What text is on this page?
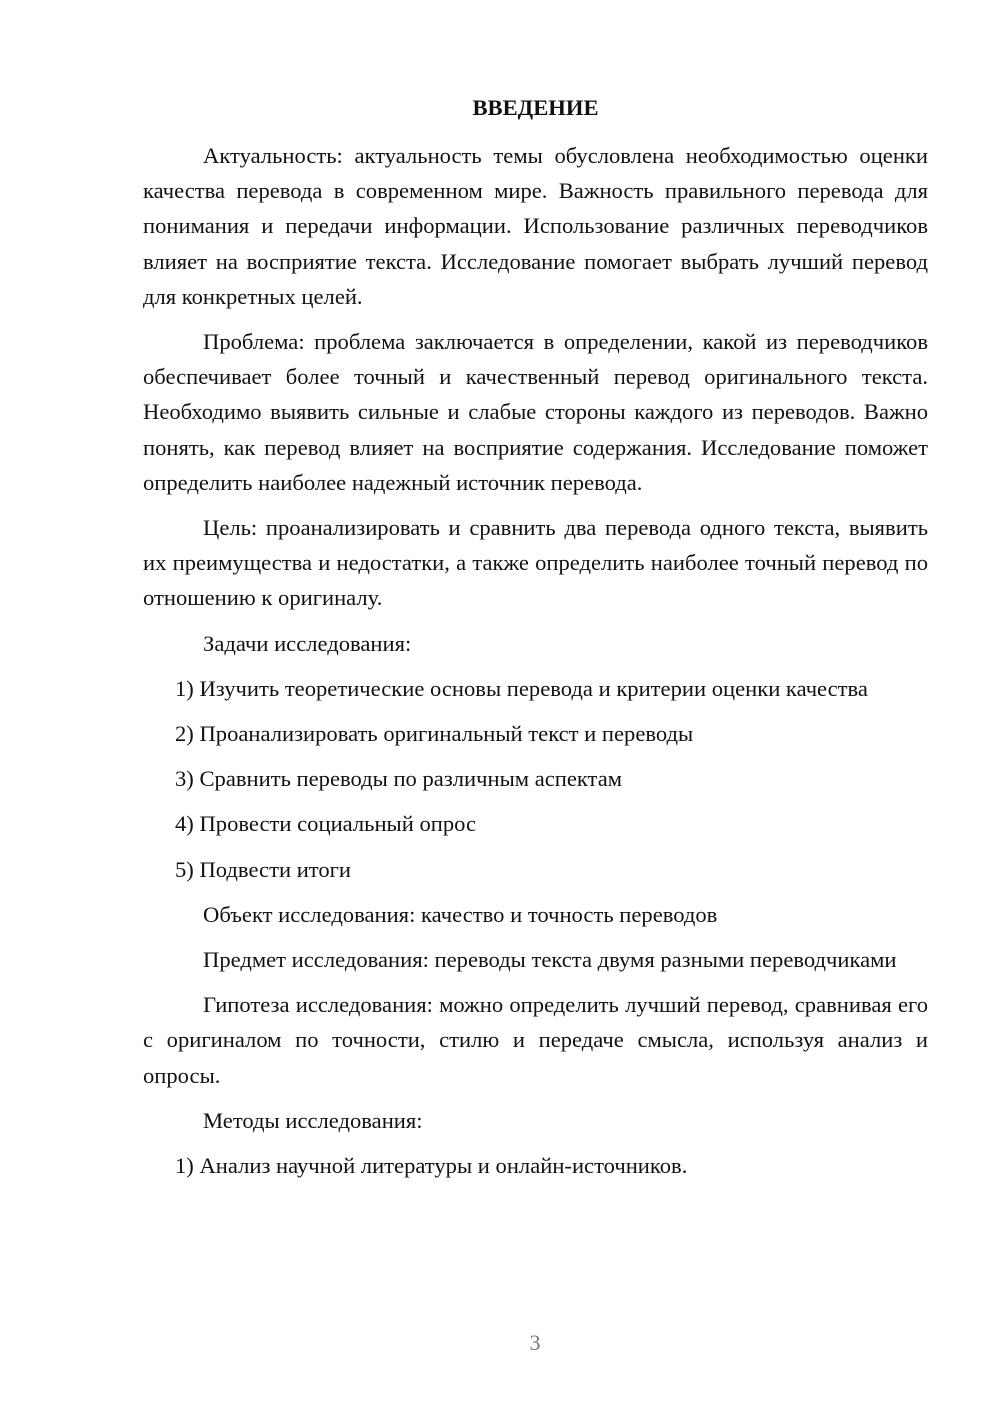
ВВЕДЕНИЕ

Актуальность: актуальность темы обусловлена необходимостью оценки качества перевода в современном мире. Важность правильного перевода для понимания и передачи информации. Использование различных переводчиков влияет на восприятие текста. Исследование помогает выбрать лучший перевод для конкретных целей.

Проблема: проблема заключается в определении, какой из переводчиков обеспечивает более точный и качественный перевод оригинального текста. Необходимо выявить сильные и слабые стороны каждого из переводов. Важно понять, как перевод влияет на восприятие содержания. Исследование поможет определить наиболее надежный источник перевода.

Цель: проанализировать и сравнить два перевода одного текста, выявить их преимущества и недостатки, а также определить наиболее точный перевод по отношению к оригиналу.

Задачи исследования:

1) Изучить теоретические основы перевода и критерии оценки качества

2) Проанализировать оригинальный текст и переводы

3) Сравнить переводы по различным аспектам

4) Провести социальный опрос

5) Подвести итоги

Объект исследования: качество и точность переводов

Предмет исследования: переводы текста двумя разными переводчиками

Гипотеза исследования: можно определить лучший перевод, сравнивая его с оригиналом по точности, стилю и передаче смысла, используя анализ и опросы.

Методы исследования:

1) Анализ научной литературы и онлайн-источников.

3
